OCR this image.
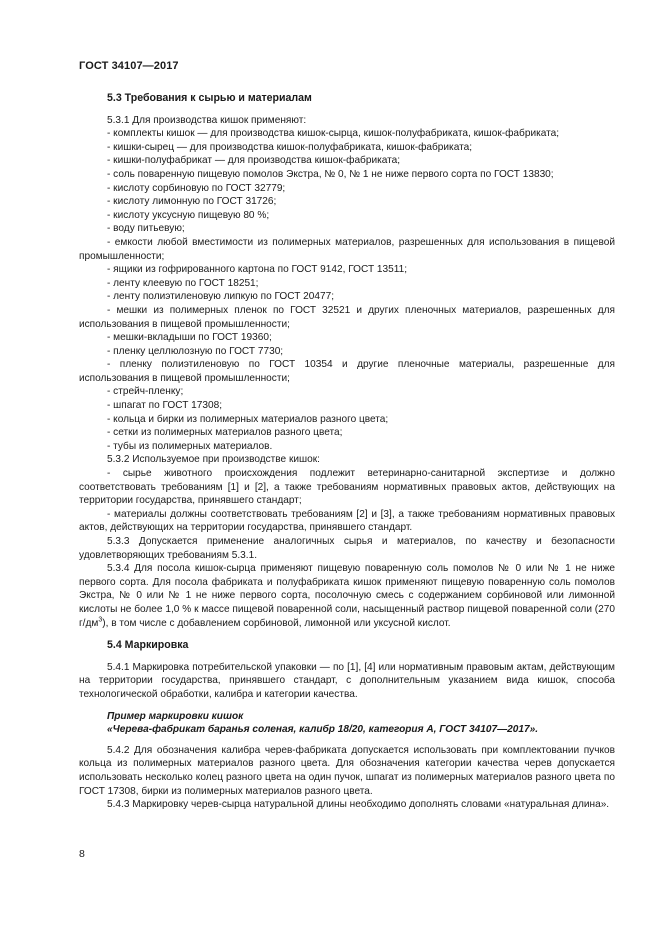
ГОСТ 34107—2017
5.3 Требования к сырью и материалам

5.3.1 Для производства кишок применяют:

- комплекты кишок — для производства кишок-сырца, кишок-полуфабриката, кишок-фабриката;
- кишки-сырец — для производства кишок-полуфабриката, кишок-фабриката;
- кишки-полуфабрикат — для производства кишок-фабриката;
- соль поваренную пищевую помолов Экстра, № 0, № 1 не ниже первого сорта по ГОСТ 13830;
- кислоту сорбиновую по ГОСТ 32779;
- кислоту лимонную по ГОСТ 31726;
- кислоту уксусную пищевую 80 %;
- воду питьевую;
- емкости любой вместимости из полимерных материалов, разрешенных для использования в пищевой промышленности;
- ящики из гофрированного картона по ГОСТ 9142, ГОСТ 13511;
- ленту клеевую по ГОСТ 18251;
- ленту полиэтиленовую липкую по ГОСТ 20477;
- мешки из полимерных пленок по ГОСТ 32521 и других пленочных материалов, разрешенных для использования в пищевой промышленности;
- мешки-вкладыши по ГОСТ 19360;
- пленку целлюлозную по ГОСТ 7730;
- пленку полиэтиленовую по ГОСТ 10354 и другие пленочные материалы, разрешенные для использования в пищевой промышленности;
- стрейч-пленку;
- шпагат по ГОСТ 17308;
- кольца и бирки из полимерных материалов разного цвета;
- сетки из полимерных материалов разного цвета;
- тубы из полимерных материалов.

5.3.2 Используемое при производстве кишок:

- сырье животного происхождения подлежит ветеринарно-санитарной экспертизе и должно соответствовать требованиям [1] и [2], а также требованиям нормативных правовых актов, действующих на территории государства, принявшего стандарт;
- материалы должны соответствовать требованиям [2] и [3], а также требованиям нормативных правовых актов, действующих на территории государства, принявшего стандарт.

5.3.3 Допускается применение аналогичных сырья и материалов, по качеству и безопасности удовлетворяющих требованиям 5.3.1.

5.3.4 Для посола кишок-сырца применяют пищевую поваренную соль помолов № 0 или № 1 не ниже первого сорта. Для посола фабриката и полуфабриката кишок применяют пищевую поваренную соль помолов Экстра, № 0 или № 1 не ниже первого сорта, посолочную смесь с содержанием сорбиновой или лимонной кислоты не более 1,0 % к массе пищевой поваренной соли, насыщенный раствор пищевой поваренной соли (270 $г/дм^3$), в том числе с добавлением сорбиновой, лимонной или уксусной кислот.

5.4 Маркировка

5.4.1 Маркировка потребительской упаковки — по [1], [4] или нормативным правовым актам, действующим на территории государства, принявшего стандарт, с дополнительным указанием вида кишок, способа технологической обработки, калибра и категории качества.

Пример маркировки кишок
«Черева-фабрикат баранья соленая, калибр 18/20, категория А, ГОСТ 34107—2017».

5.4.2 Для обозначения калибра черев-фабриката допускается использовать при комплектовании пучков кольца из полимерных материалов разного цвета. Для обозначения категории качества черев допускается использовать несколько колец разного цвета на один пучок, шпагат из полимерных материалов разного цвета по ГОСТ 17308, бирки из полимерных материалов разного цвета.

5.4.3 Маркировку черев-сырца натуральной длины необходимо дополнять словами «натуральная длина».

8
